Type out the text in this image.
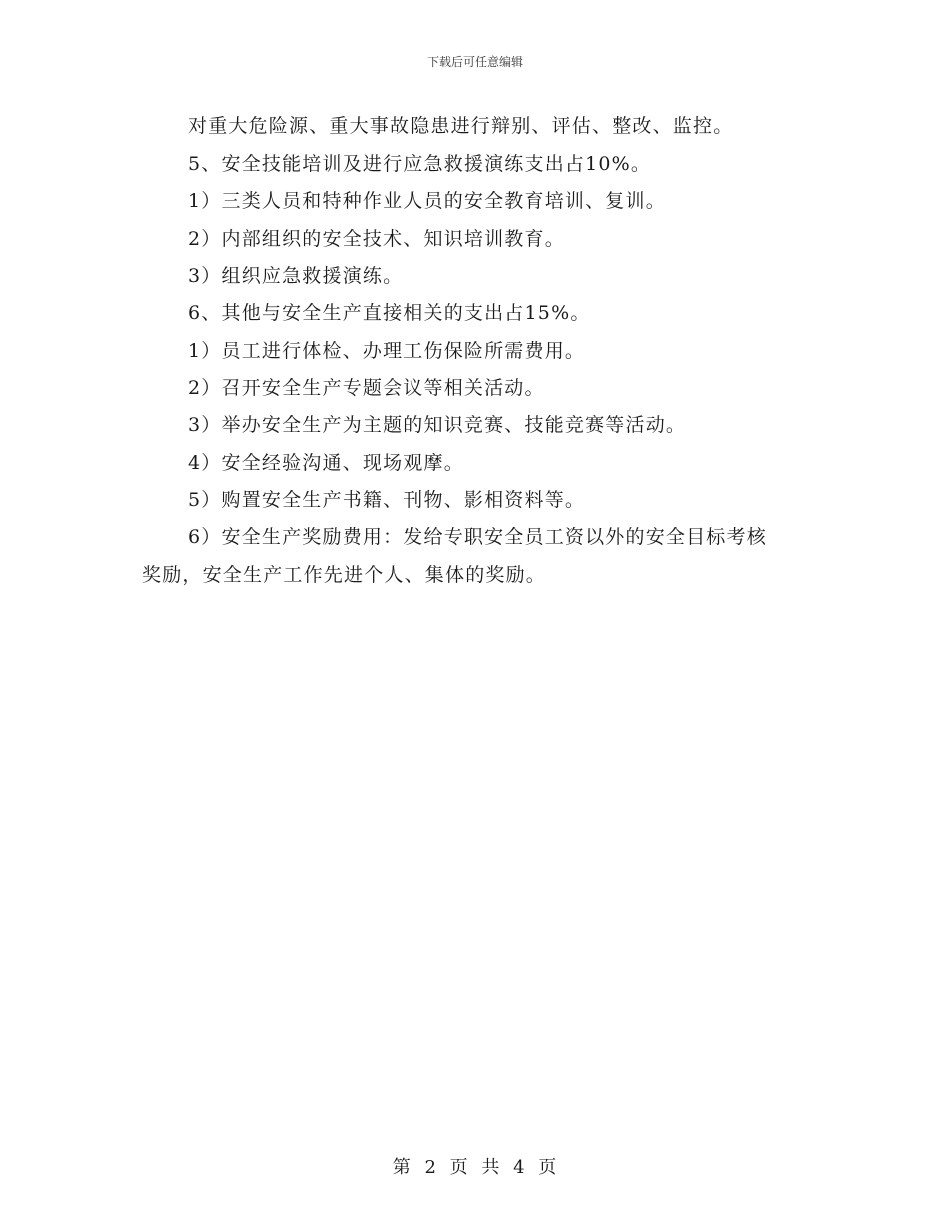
下载后可任意编辑
对重大危险源、重大事故隐患进行辩别、评估、整改、监控。
5、安全技能培训及进行应急救援演练支出占10%。
1）三类人员和特种作业人员的安全教育培训、复训。
2）内部组织的安全技术、知识培训教育。
3）组织应急救援演练。
6、其他与安全生产直接相关的支出占15%。
1）员工进行体检、办理工伤保险所需费用。
2）召开安全生产专题会议等相关活动。
3）举办安全生产为主题的知识竞赛、技能竞赛等活动。
4）安全经验沟通、现场观摩。
5）购置安全生产书籍、刊物、影相资料等。
6）安全生产奖励费用：发给专职安全员工资以外的安全目标考核
奖励，安全生产工作先进个人、集体的奖励。
第 2 页 共 4 页
